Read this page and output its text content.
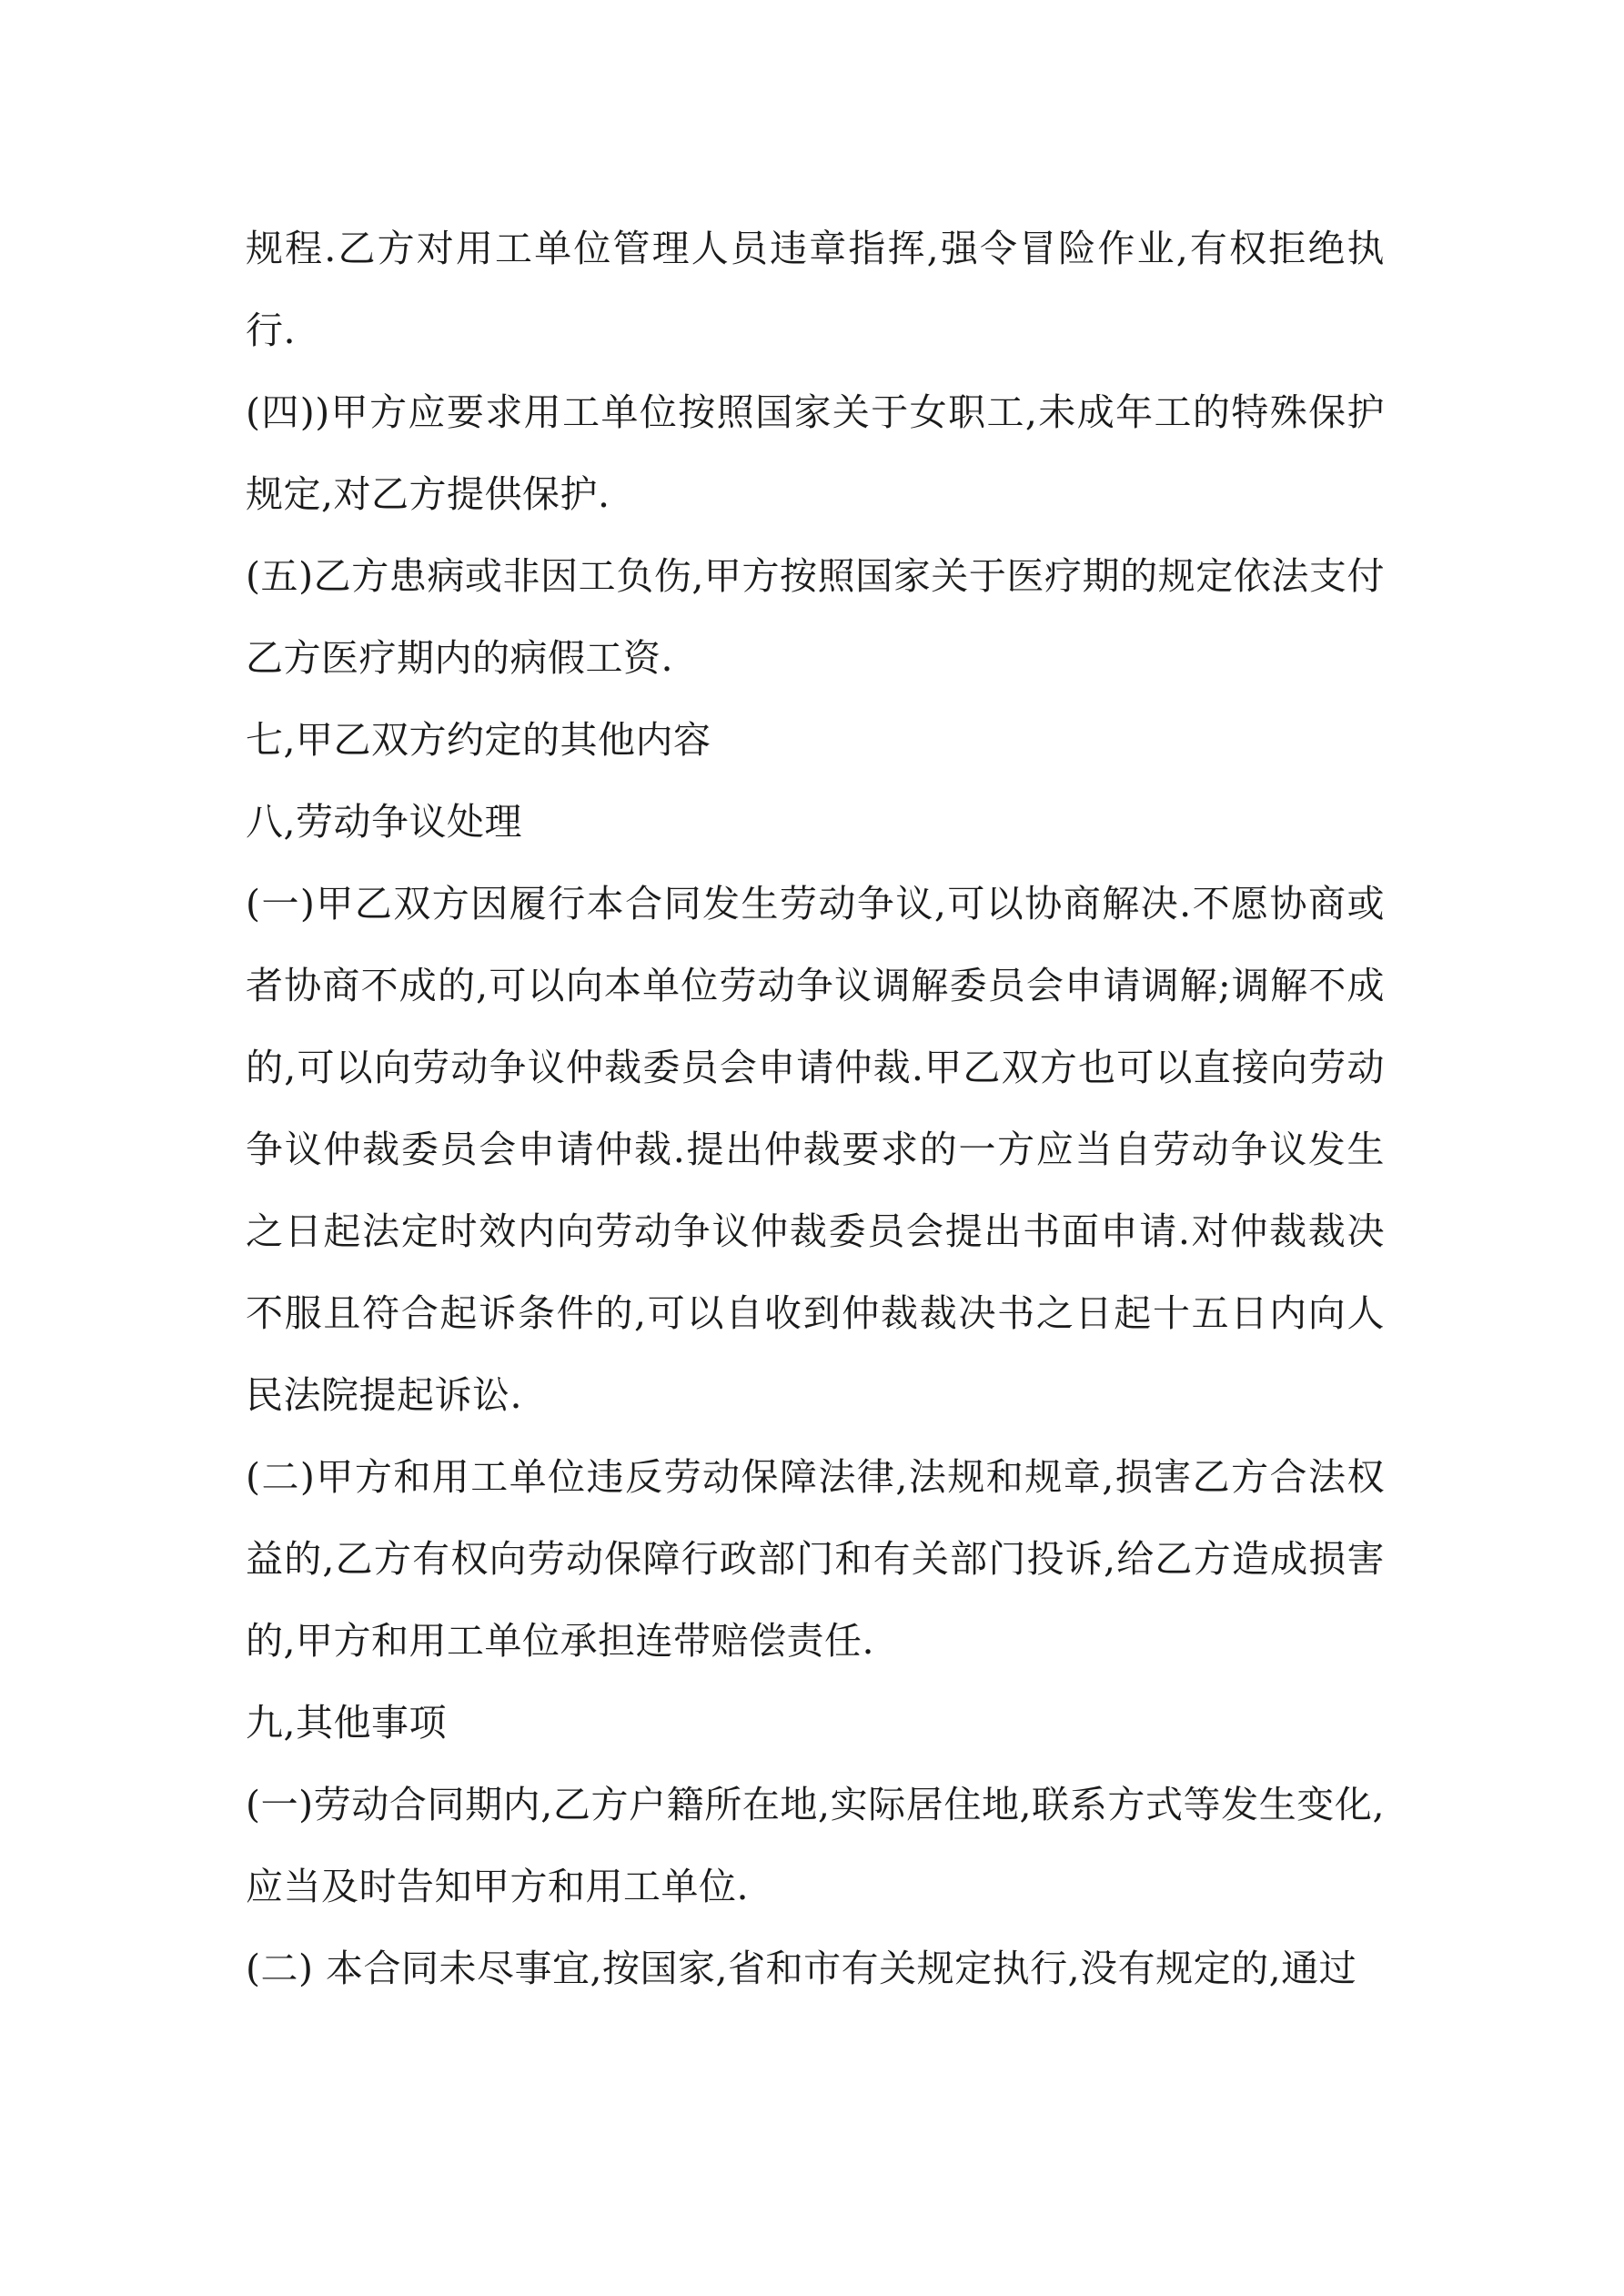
规程.乙方对用工单位管理人员违章指挥,强令冒险作业,有权拒绝执行.

(四))甲方应要求用工单位按照国家关于女职工,未成年工的特殊保护规定,对乙方提供保护.

(五)乙方患病或非因工负伤,甲方按照国家关于医疗期的规定依法支付乙方医疗期内的病假工资.

七,甲乙双方约定的其他内容

八,劳动争议处理

(一)甲乙双方因履行本合同发生劳动争议,可以协商解决.不愿协商或者协商不成的,可以向本单位劳动争议调解委员会申请调解;调解不成的,可以向劳动争议仲裁委员会申请仲裁.甲乙双方也可以直接向劳动争议仲裁委员会申请仲裁.提出仲裁要求的一方应当自劳动争议发生之日起法定时效内向劳动争议仲裁委员会提出书面申请.对仲裁裁决不服且符合起诉条件的,可以自收到仲裁裁决书之日起十五日内向人民法院提起诉讼.

(二)甲方和用工单位违反劳动保障法律,法规和规章,损害乙方合法权益的,乙方有权向劳动保障行政部门和有关部门投诉,给乙方造成损害的,甲方和用工单位承担连带赔偿责任.

九,其他事项

(一)劳动合同期内,乙方户籍所在地,实际居住地,联系方式等发生变化,应当及时告知甲方和用工单位.

(二) 本合同未尽事宜,按国家,省和市有关规定执行,没有规定的,通过
